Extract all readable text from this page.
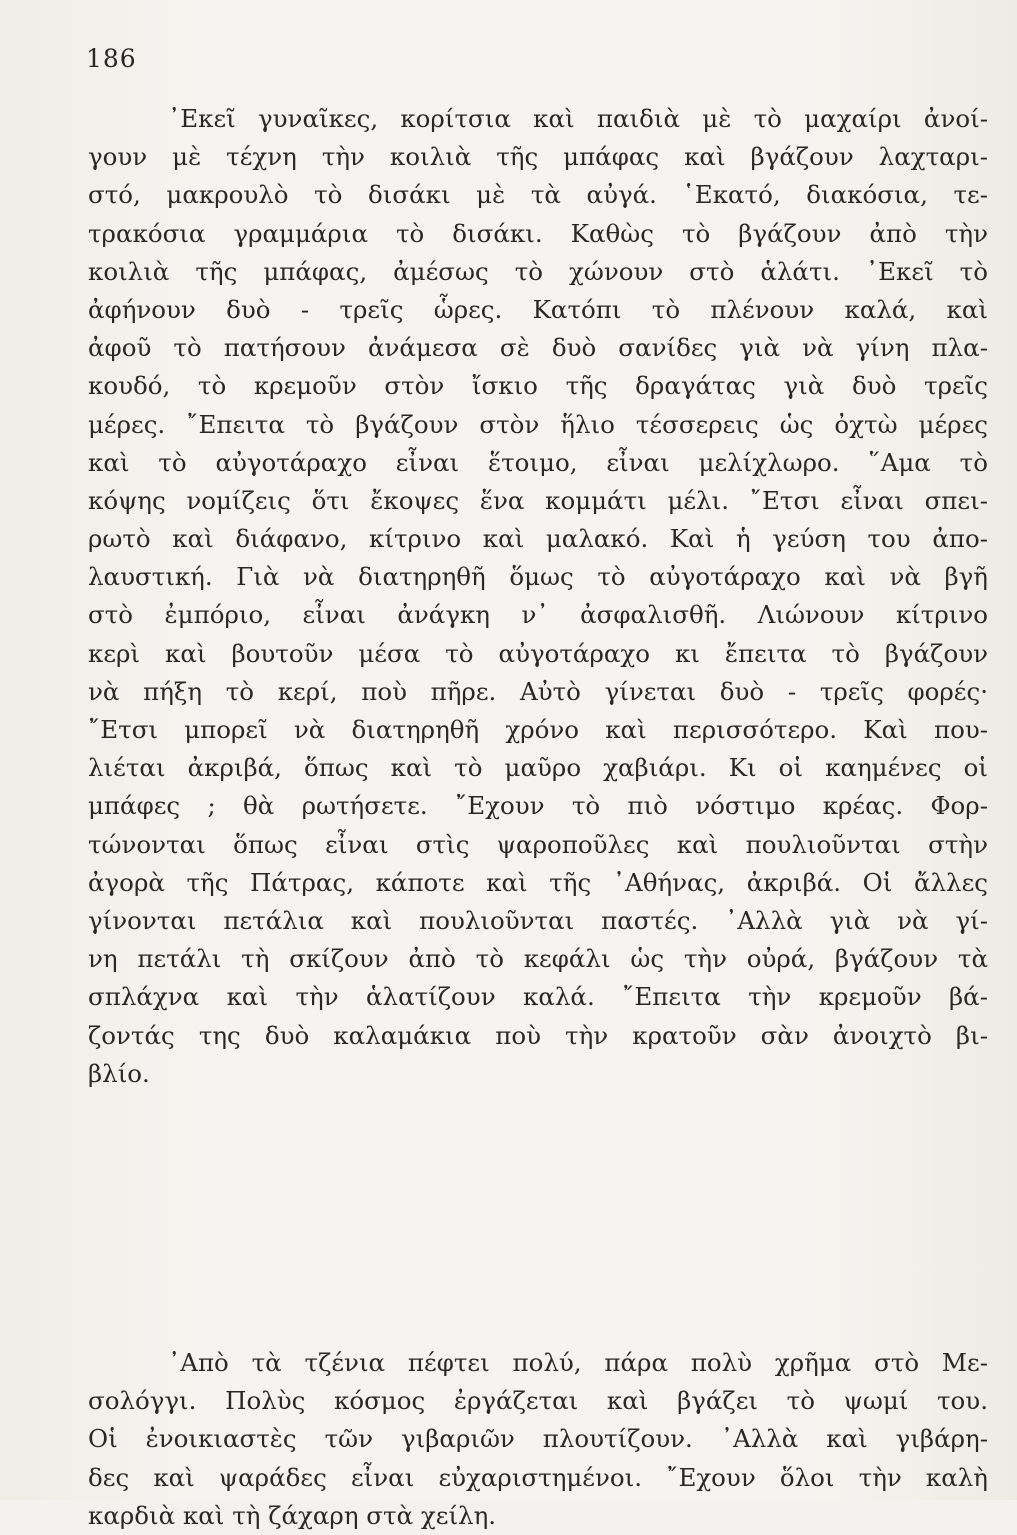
186
᾿Εκεῖ γυναῖκες, κορίτσια καὶ παιδιὰ μὲ τὸ μαχαίρι ἀνοί-
γουν μὲ τέχνη τὴν κοιλιὰ τῆς μπάφας καὶ βγάζουν λαχταρι-
στό, μακρουλὸ τὸ δισάκι μὲ τὰ αὐγά. ῾Εκατό, διακόσια, τε-
τρακόσια γραμμάρια τὸ δισάκι. Καθὼς τὸ βγάζουν ἀπὸ τὴν
κοιλιὰ τῆς μπάφας, ἀμέσως τὸ χώνουν στὸ ἁλάτι. ᾿Εκεῖ τὸ
ἀφήνουν δυὸ - τρεῖς ὧρες. Κατόπι τὸ πλένουν καλά, καὶ
ἀφοῦ τὸ πατήσουν ἀνάμεσα σὲ δυὸ σανίδες γιὰ νὰ γίνη πλα-
κουδό, τὸ κρεμοῦν στὸν ἴσκιο τῆς δραγάτας γιὰ δυὸ τρεῖς
μέρες. ῎Επειτα τὸ βγάζουν στὸν ἥλιο τέσσερεις ὡς ὀχτὼ μέρες
καὶ τὸ αὐγοτάραχο εἶναι ἕτοιμο, εἶναι μελίχλωρο. ῞Αμα τὸ
κόψης νομίζεις ὅτι ἔκοψες ἕνα κομμάτι μέλι. ῎Ετσι εἶναι σπει-
ρωτὸ καὶ διάφανο, κίτρινο καὶ μαλακό. Καὶ ἡ γεύση του ἀπο-
λαυστική. Γιὰ νὰ διατηρηθῆ ὅμως τὸ αὐγοτάραχο καὶ νὰ βγῆ
στὸ ἐμπόριο, εἶναι ἀνάγκη ν᾿ ἀσφαλισθῆ. Λιώνουν κίτρινο
κερὶ καὶ βουτοῦν μέσα τὸ αὐγοτάραχο κι ἔπειτα τὸ βγάζουν
νὰ πήξη τὸ κερί, ποὺ πῆρε. Αὐτὸ γίνεται δυὸ - τρεῖς φορές·
῎Ετσι μπορεῖ νὰ διατηρηθῆ χρόνο καὶ περισσότερο. Καὶ που-
λιέται ἀκριβά, ὅπως καὶ τὸ μαῦρο χαβιάρι. Κι οἱ καημένες οἱ
μπάφες ; θὰ ρωτήσετε. ῎Εχουν τὸ πιὸ νόστιμο κρέας. Φορ-
τώνονται ὅπως εἶναι στὶς ψαροποῦλες καὶ πουλιοῦνται στὴν
ἀγορὰ τῆς Πάτρας, κάποτε καὶ τῆς ᾿Αθήνας, ἀκριβά. Οἱ ἄλλες
γίνονται πετάλια καὶ πουλιοῦνται παστές. ᾿Αλλὰ γιὰ νὰ γί-
νη πετάλι τὴ σκίζουν ἀπὸ τὸ κεφάλι ὡς τὴν οὐρά, βγάζουν τὰ
σπλάχνα καὶ τὴν ἁλατίζουν καλά. ῎Επειτα τὴν κρεμοῦν βά-
ζοντάς της δυὸ καλαμάκια ποὺ τὴν κρατοῦν σὰν ἀνοιχτὸ βι-
βλίο.
᾿Απὸ τὰ τζένια πέφτει πολύ, πάρα πολὺ χρῆμα στὸ Με-
σολόγγι. Πολὺς κόσμος ἐργάζεται καὶ βγάζει τὸ ψωμί του.
Οἱ ἐνοικιαστὲς τῶν γιβαριῶν πλουτίζουν. ᾿Αλλὰ καὶ γιβάρη-
δες καὶ ψαράδες εἶναι εὐχαριστημένοι. ῎Εχουν ὅλοι τὴν καλὴ
καρδιὰ καὶ τὴ ζάχαρη στὰ χείλη.
